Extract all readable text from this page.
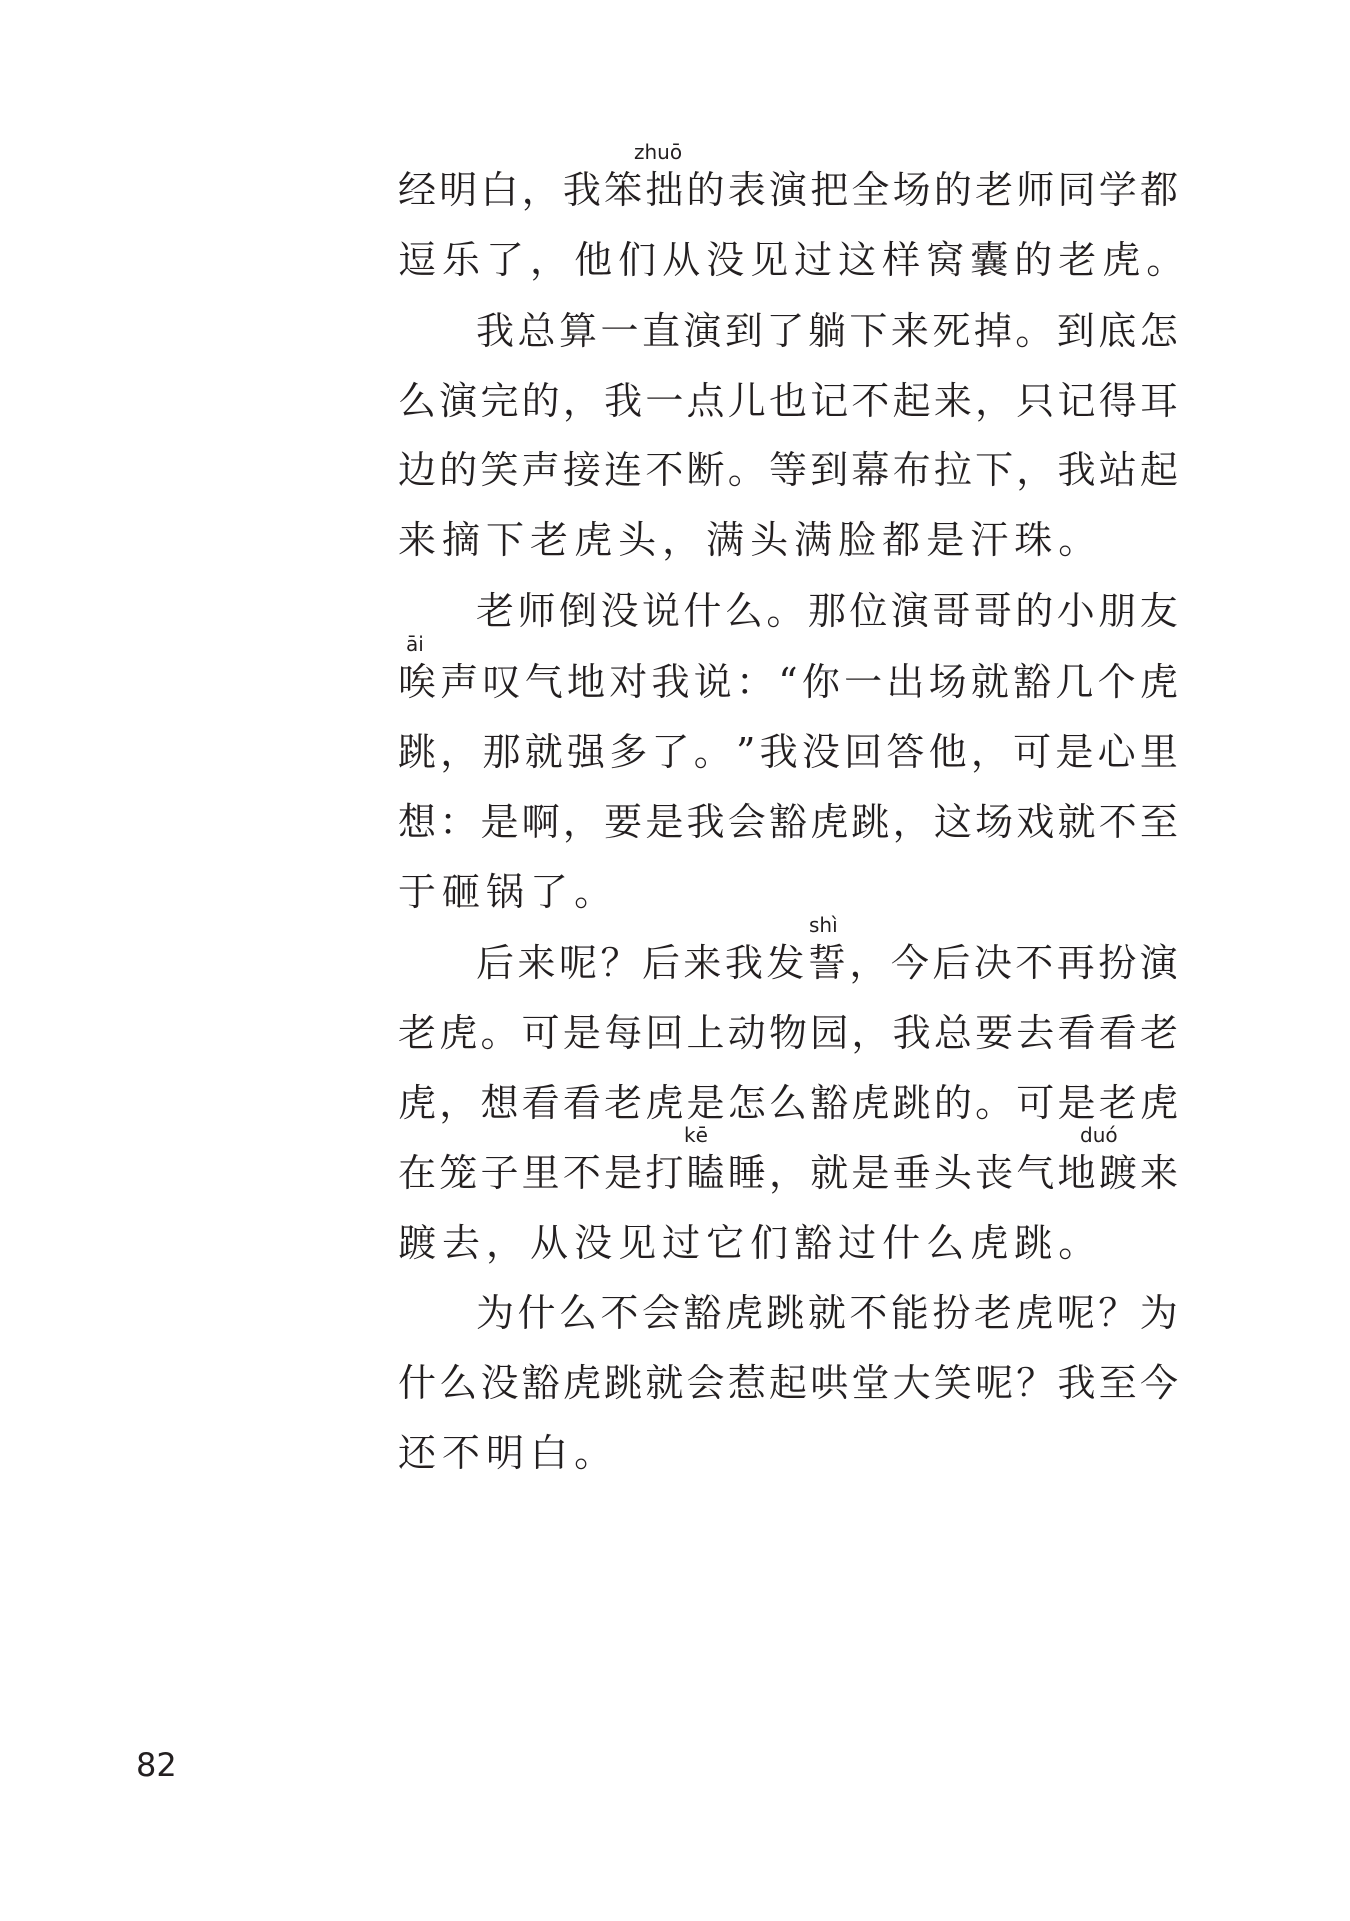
经 明 白 ， 我 笨 拙 的 表 演 把 全 场 的 老 师 同 学 都
逗 乐 了 ， 他 们 从 没 见 过 这 样 窝 囊 的 老 虎 。
我 总 算 一 直 演 到 了 躺 下 来 死 掉 。 到 底 怎
么 演 完 的 ， 我 一 点 儿 也 记 不 起 来 ， 只 记 得 耳
边 的 笑 声 接 连 不 断 。 等 到 幕 布 拉 下 ， 我 站 起
来 摘 下 老 虎 头 ， 满 头 满 脸 都 是 汗 珠 。
老 师 倒 没 说 什 么 。 那 位 演 哥 哥 的 小 朋 友
唉 声 叹 气 地 对 我 说 ： “ 你 一 出 场 就 豁 几 个 虎
跳 ， 那 就 强 多 了 。 ” 我 没 回 答 他 ， 可 是 心 里
想 ： 是 啊 ， 要 是 我 会 豁 虎 跳 ， 这 场 戏 就 不 至
于 砸 锅 了 。
后 来 呢 ？ 后 来 我 发 誓 ， 今 后 决 不 再 扮 演
老 虎 。 可 是 每 回 上 动 物 园 ， 我 总 要 去 看 看 老
虎 ， 想 看 看 老 虎 是 怎 么 豁 虎 跳 的 。 可 是 老 虎
在 笼 子 里 不 是 打 瞌 睡 ， 就 是 垂 头 丧 气 地 踱 来
踱 去 ， 从 没 见 过 它 们 豁 过 什 么 虎 跳 。
为 什 么 不 会 豁 虎 跳 就 不 能 扮 老 虎 呢 ？ 为
什 么 没 豁 虎 跳 就 会 惹 起 哄 堂 大 笑 呢 ？ 我 至 今
还 不 明 白 。
zhuō
āi
shì
kē	duó
82
